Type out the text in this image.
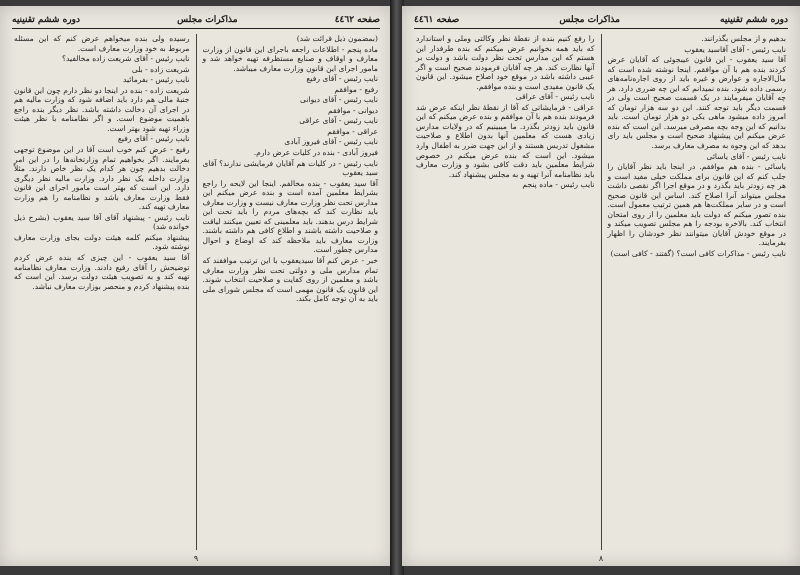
صفحه ٤٤٦٢
مذاکرات مجلس
دوره ششم تقنینیه

(بمضمون ذیل قرائت شد)

ماده پنجم - اطلاعات راجعه باجرای این قانون از وزارت معارف و اوقاف و صنایع مستظرفه تهیه خواهد شد و مامور اجرای این قانون وزارت معارف میباشد.

نایب رئیس - آقای رفیع

رفیع - موافقم

نایب رئیس - آقای دیوانی

دیوانی - موافقم

نایب رئیس - آقای عراقی

عراقی - موافقم

نایب رئیس - آقای فیروز آبادی

فیروز آبادی - بنده در کلیات عرض دارم.

نایب رئیس - در کلیات هم آقایان فرمایشی ندارند؟ آقای سید یعقوب

آقا سید یعقوب - بنده مخالفم. اینجا این لایحه را راجع بشرایط معلمین آمده است و بنده عرض میکنم این مدارس تحت نظر وزارت معارف نیست و وزارت معارف باید نظارت کند که بچه‌های مردم را باید تحت این شرایط درس بدهند. باید معلمینی که تعیین میکنند لیاقت و صلاحیت داشته باشند و اطلاع کافی هم داشته باشند. وزارت معارف باید ملاحظه کند که اوضاع و احوال مدارس چطور است.

خبر - عرض کنم آقا سیدیعقوب با این ترتیب موافقند که تمام مدارس ملی و دولتی تحت نظر وزارت معارف باشد و معلمین از روی کفایت و صلاحیت انتخاب شوند. این قانون یک قانون مهمی است که مجلس شورای ملی باید به آن توجه کامل بکند.

رسیده ولی بنده میخواهم عرض کنم که این مسئله مربوط به خود وزارت معارف است.

نایب رئیس - آقای شریعت زاده مخالفید؟

شریعت زاده - بلی

نایب رئیس - بفرمائید

شریعت زاده - بنده در اینجا دو نظر دارم چون این قانون جنبهٔ مالی هم دارد باید اضافه شود که وزارت مالیه هم در اجرای آن دخالت داشته باشد. نظر دیگر بنده راجع باهمیت موضوع است. و اگر نظامنامه با نظر هیئت وزراء تهیه شود بهتر است.

نایب رئیس - آقای رفیع

رفیع - عرض کنم خوب است آقا در این موضوع توجهی بفرمایند. اگر بخواهیم تمام وزارتخانه‌ها را در این امر دخالت بدهیم چون هر کدام یک نظر خاص دارند. مثلاً وزارت داخله یک نظر دارد. وزارت مالیه نظر دیگری دارد. این است که بهتر است مامور اجرای این قانون فقط وزارت معارف باشد و نظامنامه را هم وزارت معارف تهیه کند.

نایب رئیس - پیشنهاد آقای آقا سید یعقوب (بشرح ذیل خوانده شد)

پیشنهاد میکنم کلمه هیئت دولت بجای وزارت معارف نوشته شود.

آقا سید یعقوب - این چیزی که بنده عرض کردم توضیحش را آقای رفیع دادند. وزارت معارف نظامنامه تهیه کند و به تصویب هیئت دولت برسد. این است که بنده پیشنهاد کردم و منحصر بوزارت معارف نباشد.

٩
دوره ششم تقنینیه
مذاکرات مجلس
صفحه ٤٤٦١

بدهیم و از مجلس بگذرانند.

نایب رئیس - آقای آقاسید یعقوب

آقا سید یعقوب - این قانون عیبجوئی که آقایان عرض کردند بنده هم با آن موافقم. اینجا نوشته شده است که مال‌الاجاره و عوارض و غیره باید از روی اجاره‌نامه‌های رسمی داده شود. بنده نمیدانم که این چه ضرری دارد. هر چه آقایان میفرمایند در یک قسمت صحیح است ولی در قسمت دیگر باید توجه کنند. این دو سه هزار تومان که امروز داده میشود ماهی یکی دو هزار تومان است. باید بدانیم که این وجه بچه مصرفی میرسد. این است که بنده عرض میکنم این پیشنهاد صحیح است و مجلس باید رای بدهد که این وجوه به مصرف معارف برسد.

نایب رئیس - آقای یاسائی

یاسائی - بنده هم موافقم. در اینجا باید نظر آقایان را جلب کنم که این قانون برای مملکت خیلی مفید است و هر چه زودتر باید بگذرد و در موقع اجرا اگر نقصی داشت مجلس میتواند آنرا اصلاح کند. اساس این قانون صحیح است و در سایر مملکت‌ها هم همین ترتیب معمول است. بنده تصور میکنم که دولت باید معلمین را از روی امتحان انتخاب کند. بالاخره بودجه را هم مجلس تصویب میکند و در موقع خودش آقایان میتوانند نظر خودشان را اظهار بفرمایند.

نایب رئیس - مذاکرات کافی است؟ (گفتند - کافی است)

را رفع کنیم بنده از نقطهٔ نظر وکالتی وملی و استاندارد که باید همه بخوانیم عرض میکنم که بنده طرفدار این هستم که این مدارس تحت نظر دولت باشد و دولت بر آنها نظارت کند. هر چه آقایان فرمودند صحیح است و اگر عیبی داشته باشد در موقع خود اصلاح میشود. این قانون یک قانون مفیدی است و بنده موافقم.

نایب رئیس - آقای عراقی

عراقی - فرمایشاتی که آقا از نقطهٔ نظر اینکه عرض شد فرمودند بنده هم با آن موافقم و بنده عرض میکنم که این قانون باید زودتر بگذرد. ما میبینیم که در ولایات مدارس زیادی هست که معلمین آنها بدون اطلاع و صلاحیت مشغول تدریس هستند و از این جهت ضرر به اطفال وارد میشود. این است که بنده عرض میکنم در خصوص شرایط معلمین باید دقت کافی بشود و وزارت معارف باید نظامنامه آنرا تهیه و به مجلس پیشنهاد کند.

نایب رئیس - ماده پنجم

٨
